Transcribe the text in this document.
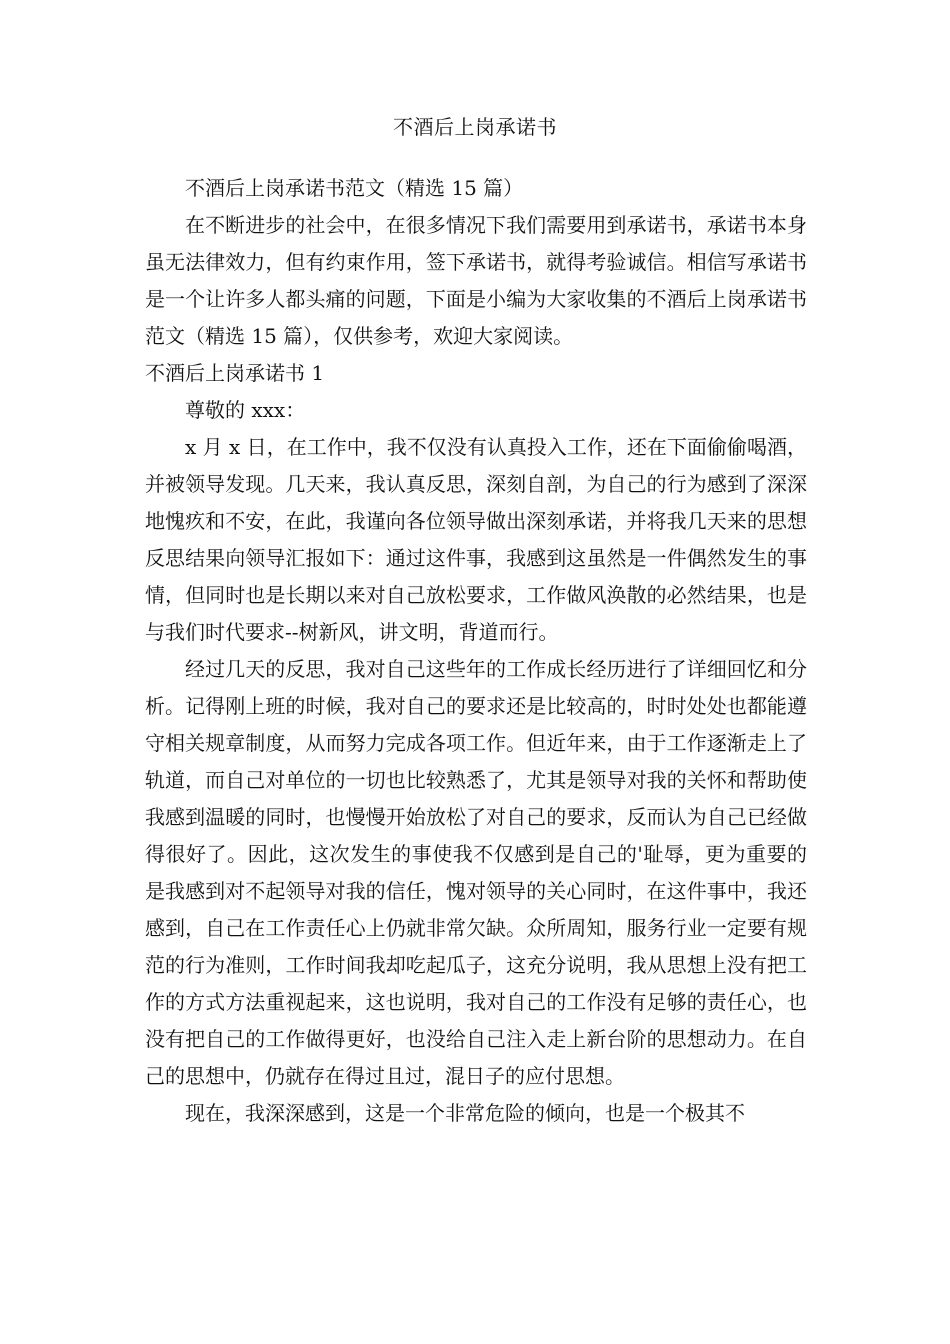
不酒后上岗承诺书

不酒后上岗承诺书范文（精选 15 篇）

在不断进步的社会中，在很多情况下我们需要用到承诺书，承诺书本身虽无法律效力，但有约束作用，签下承诺书，就得考验诚信。相信写承诺书是一个让许多人都头痛的问题，下面是小编为大家收集的不酒后上岗承诺书范文（精选 15 篇），仅供参考，欢迎大家阅读。

不酒后上岗承诺书 1

尊敬的 xxx：

x 月 x 日，在工作中，我不仅没有认真投入工作，还在下面偷偷喝酒，并被领导发现。几天来，我认真反思，深刻自剖，为自己的行为感到了深深地愧疚和不安，在此，我谨向各位领导做出深刻承诺，并将我几天来的思想反思结果向领导汇报如下：通过这件事，我感到这虽然是一件偶然发生的事情，但同时也是长期以来对自己放松要求，工作做风涣散的必然结果，也是与我们时代要求--树新风，讲文明，背道而行。

经过几天的反思，我对自己这些年的工作成长经历进行了详细回忆和分析。记得刚上班的时候，我对自己的要求还是比较高的，时时处处也都能遵守相关规章制度，从而努力完成各项工作。但近年来，由于工作逐渐走上了轨道，而自己对单位的一切也比较熟悉了，尤其是领导对我的关怀和帮助使我感到温暖的同时，也慢慢开始放松了对自己的要求，反而认为自己已经做得很好了。因此，这次发生的事使我不仅感到是自己的'耻辱，更为重要的是我感到对不起领导对我的信任，愧对领导的关心同时，在这件事中，我还感到，自己在工作责任心上仍就非常欠缺。众所周知，服务行业一定要有规范的行为准则，工作时间我却吃起瓜子，这充分说明，我从思想上没有把工作的方式方法重视起来，这也说明，我对自己的工作没有足够的责任心，也没有把自己的工作做得更好，也没给自己注入走上新台阶的思想动力。在自己的思想中，仍就存在得过且过，混日子的应付思想。

现在，我深深感到，这是一个非常危险的倾向，也是一个极其不
